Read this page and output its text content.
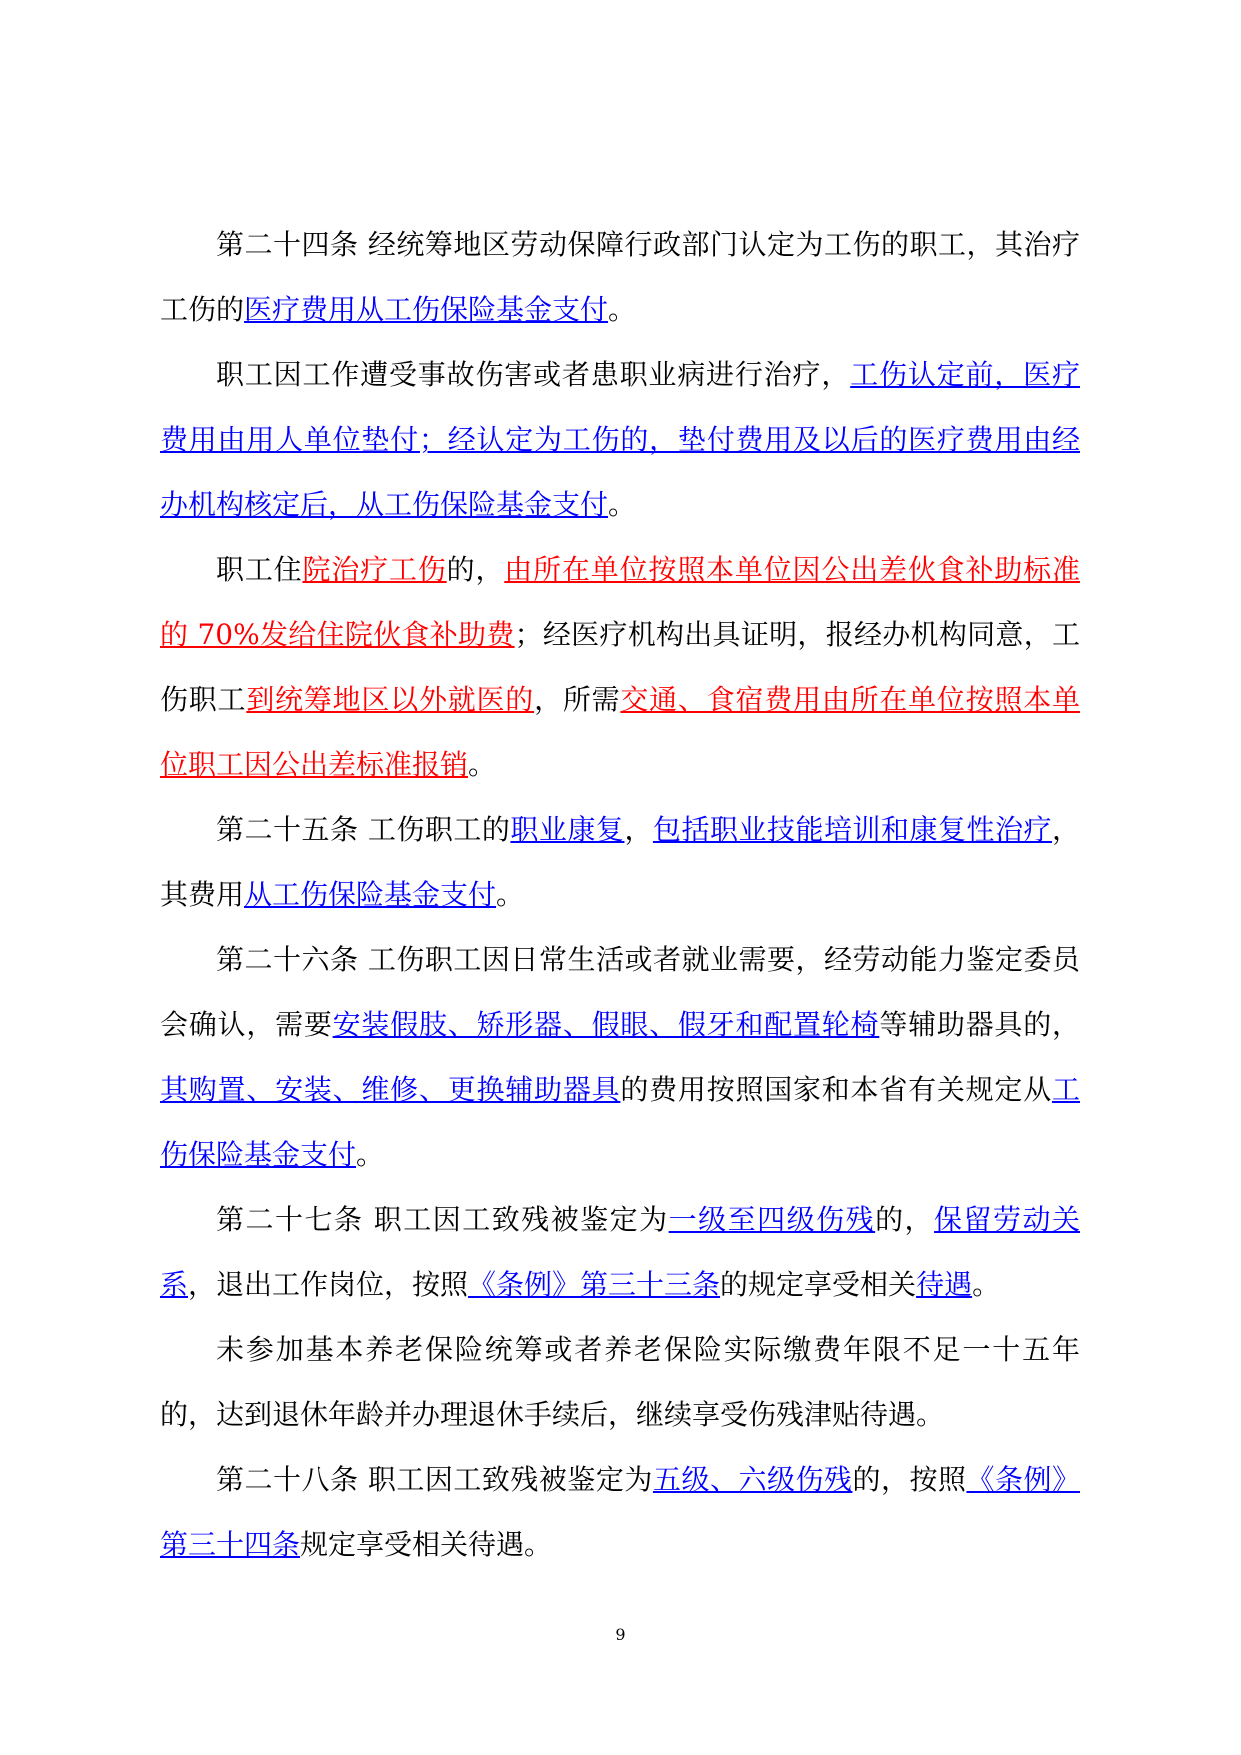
第二十四条 经统筹地区劳动保障行政部门认定为工伤的职工，其治疗工伤的医疗费用从工伤保险基金支付。

职工因工作遭受事故伤害或者患职业病进行治疗，工伤认定前，医疗费用由用人单位垫付；经认定为工伤的，垫付费用及以后的医疗费用由经办机构核定后，从工伤保险基金支付。

职工住院治疗工伤的，由所在单位按照本单位因公出差伙食补助标准的 70%发给住院伙食补助费；经医疗机构出具证明，报经办机构同意，工伤职工到统筹地区以外就医的，所需交通、食宿费用由所在单位按照本单位职工因公出差标准报销。

第二十五条 工伤职工的职业康复，包括职业技能培训和康复性治疗，其费用从工伤保险基金支付。

第二十六条 工伤职工因日常生活或者就业需要，经劳动能力鉴定委员会确认，需要安装假肢、矫形器、假眼、假牙和配置轮椅等辅助器具的，其购置、安装、维修、更换辅助器具的费用按照国家和本省有关规定从工伤保险基金支付。

第二十七条 职工因工致残被鉴定为一级至四级伤残的，保留劳动关系，退出工作岗位，按照《条例》第三十三条的规定享受相关待遇。

未参加基本养老保险统筹或者养老保险实际缴费年限不足一十五年的，达到退休年龄并办理退休手续后，继续享受伤残津贴待遇。

第二十八条 职工因工致残被鉴定为五级、六级伤残的，按照《条例》第三十四条规定享受相关待遇。

9
